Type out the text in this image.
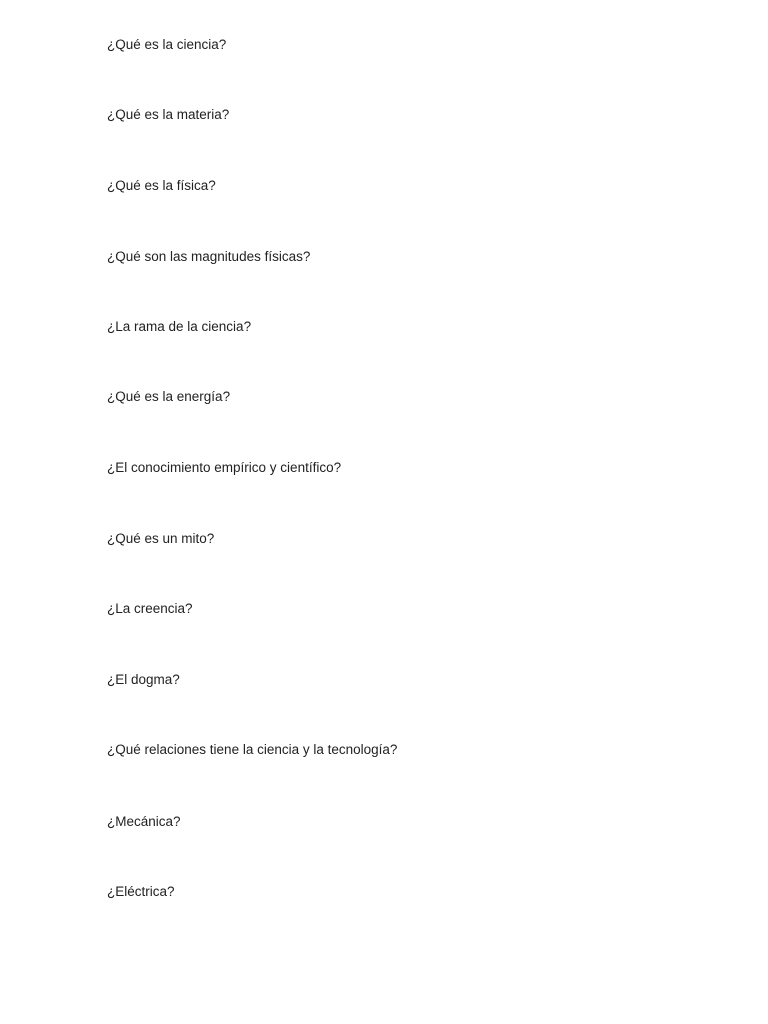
¿Qué es la ciencia?

¿Qué es la materia?

¿Qué es la física?

¿Qué son las magnitudes físicas?

¿La rama de la ciencia?

¿Qué es la energía?

¿El conocimiento empírico y científico?

¿Qué es un mito?

¿La creencia?

¿El dogma?

¿Qué relaciones tiene la ciencia y la tecnología?

¿Mecánica?

¿Eléctrica?
